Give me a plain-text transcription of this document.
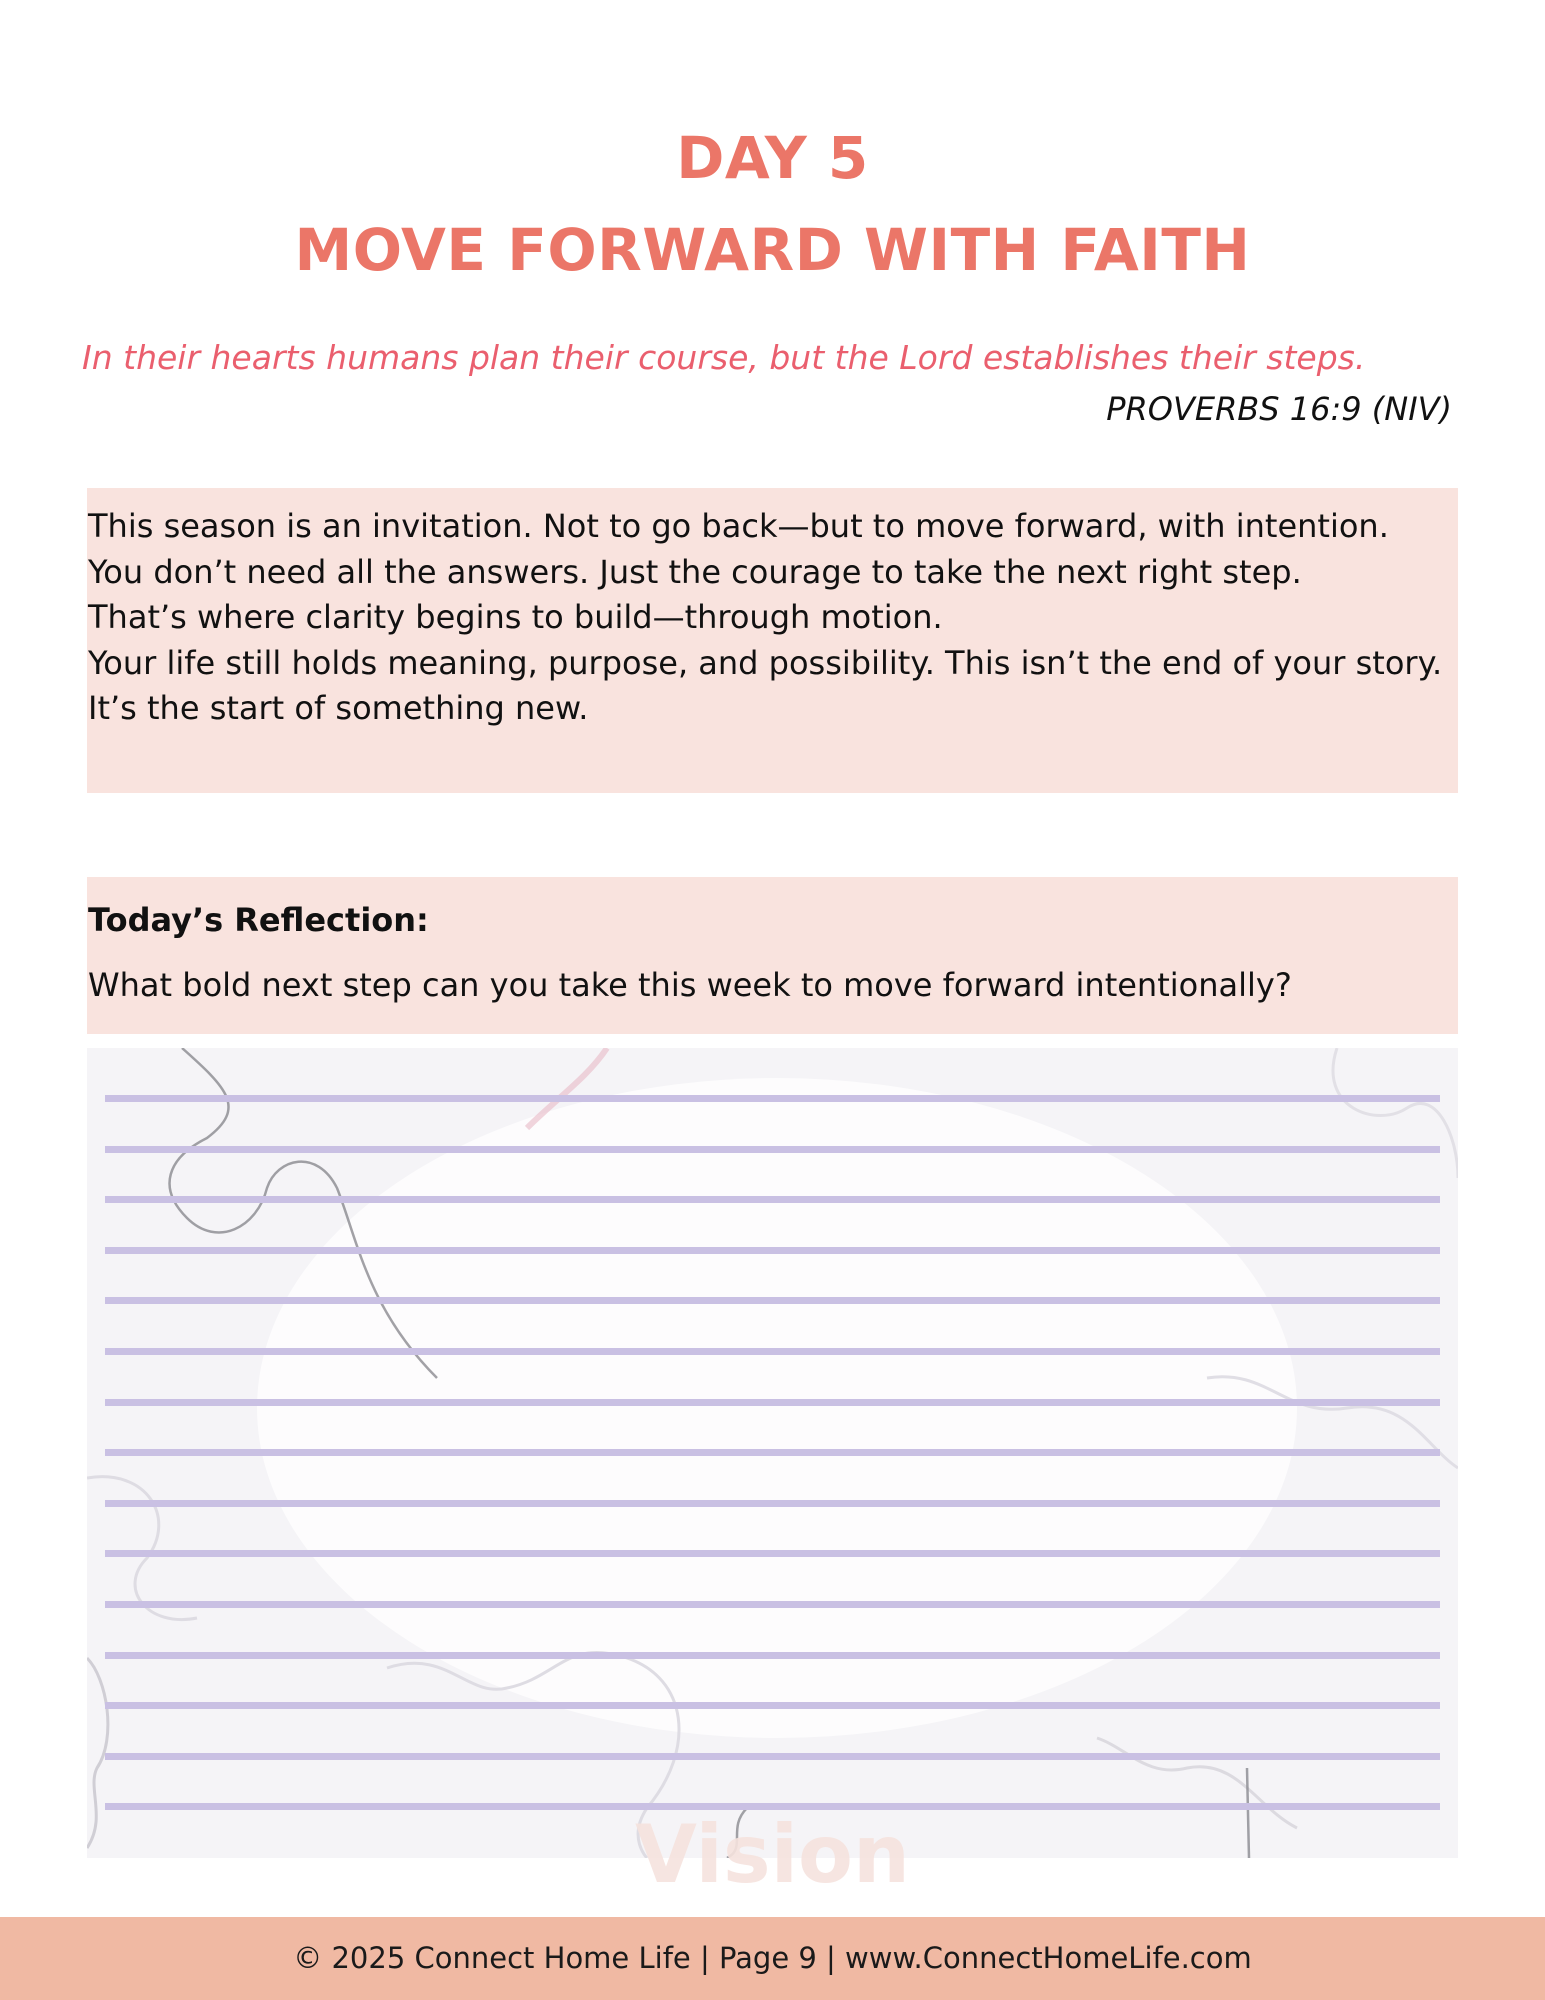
DAY 5
MOVE FORWARD WITH FAITH
In their hearts humans plan their course, but the Lord establishes their steps.
PROVERBS 16:9 (NIV)
This season is an invitation. Not to go back—but to move forward, with intention.
You don’t need all the answers. Just the courage to take the next right step.
That’s where clarity begins to build—through motion.
Your life still holds meaning, purpose, and possibility. This isn’t the end of your story. It’s the start of something new.
Today’s Reflection:
What bold next step can you take this week to move forward intentionally?
Vision
© 2025 Connect Home Life | Page 9 | www.ConnectHomeLife.com
